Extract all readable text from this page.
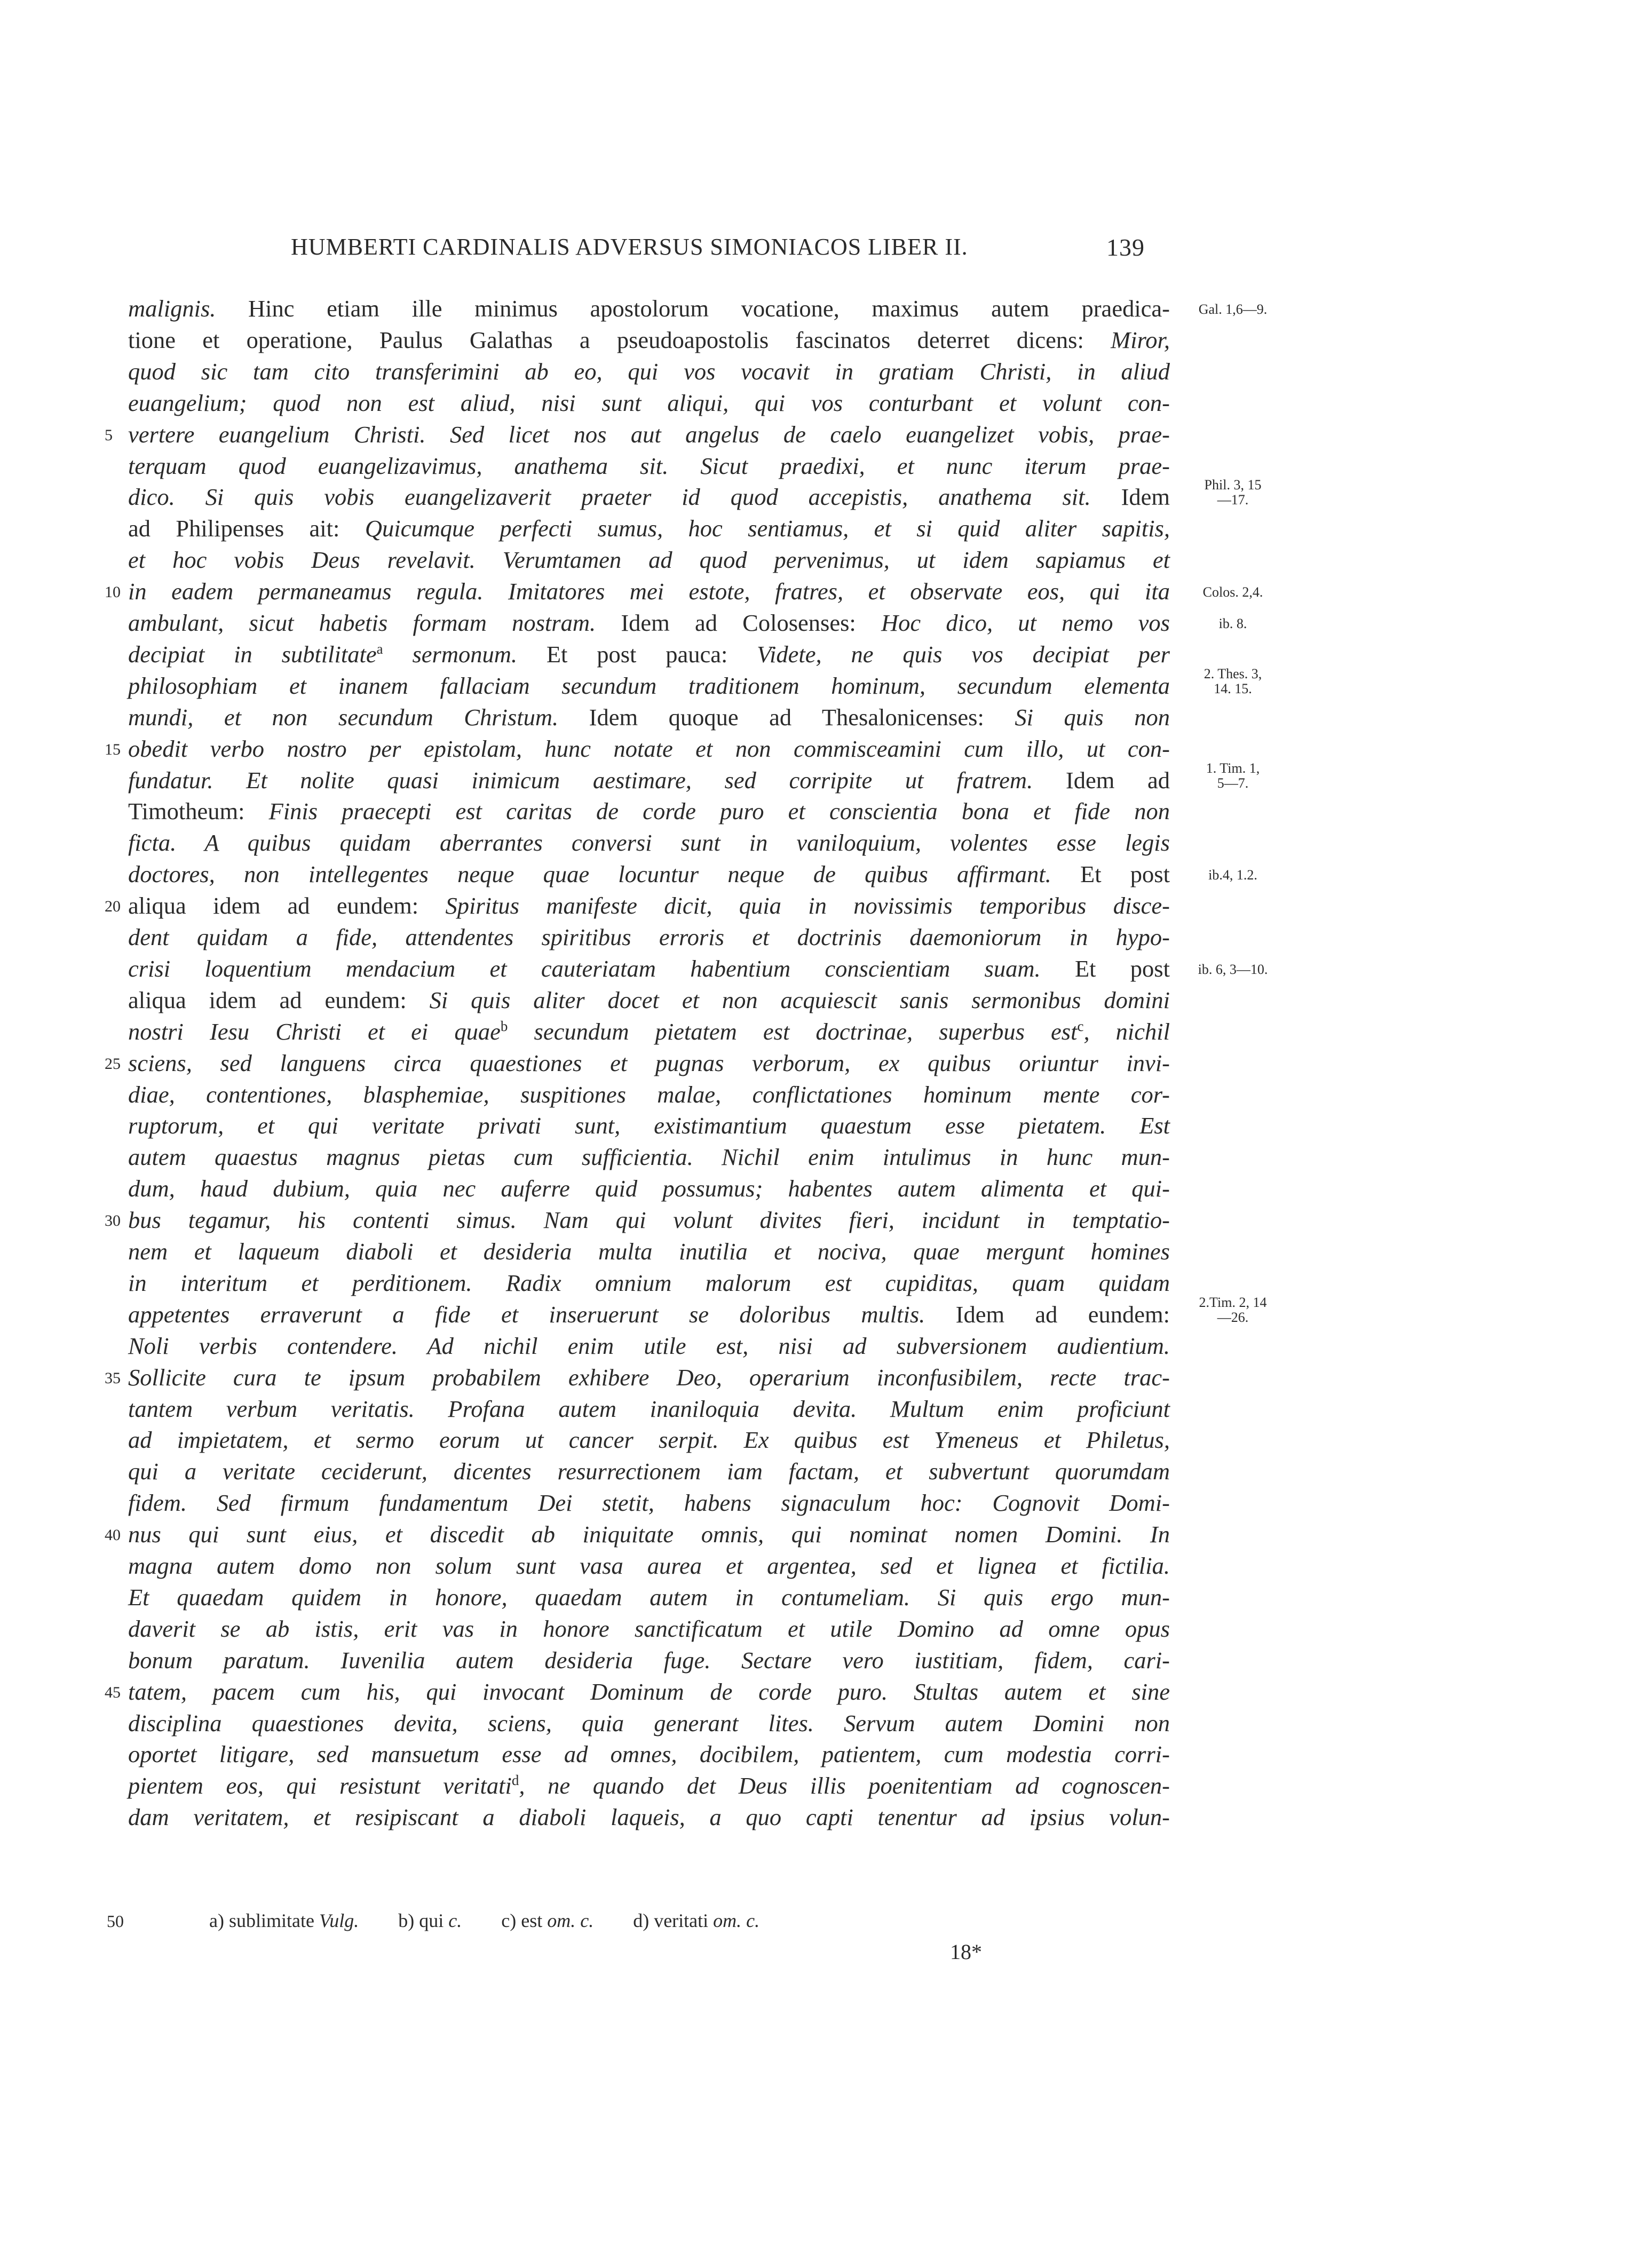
HUMBERTI CARDINALIS ADVERSUS SIMONIACOS LIBER II.	139
malignis. Hinc etiam ille minimus apostolorum vocatione, maximus autem praedica-
tione et operatione, Paulus Galathas a pseudoapostolis fascinatos deterret dicens: Miror,
quod sic tam cito transferimini ab eo, qui vos vocavit in gratiam Christi, in aliud
euangelium; quod non est aliud, nisi sunt aliqui, qui vos conturbant et volunt con-
vertere euangelium Christi. Sed licet nos aut angelus de caelo euangelizet vobis, prae-
5
terquam quod euangelizavimus, anathema sit. Sicut praedixi, et nunc iterum prae-
dico. Si quis vobis euangelizaverit praeter id quod accepistis, anathema sit. Idem
ad Philipenses ait: Quicumque perfecti sumus, hoc sentiamus, et si quid aliter sapitis,
et hoc vobis Deus revelavit. Verumtamen ad quod pervenimus, ut idem sapiamus et
in eadem permaneamus regula. Imitatores mei estote, fratres, et observate eos, qui ita
10
ambulant, sicut habetis formam nostram. Idem ad Colosenses: Hoc dico, ut nemo vos
decipiat in subtilitate$^a$ sermonum. Et post pauca: Videte, ne quis vos decipiat per
philosophiam et inanem fallaciam secundum traditionem hominum, secundum elementa
mundi, et non secundum Christum. Idem quoque ad Thesalonicenses: Si quis non
obedit verbo nostro per epistolam, hunc notate et non commisceamini cum illo, ut con-
15
fundatur. Et nolite quasi inimicum aestimare, sed corripite ut fratrem. Idem ad
Timotheum: Finis praecepti est caritas de corde puro et conscientia bona et fide non
ficta. A quibus quidam aberrantes conversi sunt in vaniloquium, volentes esse legis
doctores, non intellegentes neque quae locuntur neque de quibus affirmant. Et post
aliqua idem ad eundem: Spiritus manifeste dicit, quia in novissimis temporibus disce-
20
dent quidam a fide, attendentes spiritibus erroris et doctrinis daemoniorum in hypo-
crisi loquentium mendacium et cauteriatam habentium conscientiam suam. Et post
aliqua idem ad eundem: Si quis aliter docet et non acquiescit sanis sermonibus domini
nostri Iesu Christi et ei quae$^b$ secundum pietatem est doctrinae, superbus est$^c$, nichil
sciens, sed languens circa quaestiones et pugnas verborum, ex quibus oriuntur invi-
25
diae, contentiones, blasphemiae, suspitiones malae, conflictationes hominum mente cor-
ruptorum, et qui veritate privati sunt, existimantium quaestum esse pietatem. Est
autem quaestus magnus pietas cum sufficientia. Nichil enim intulimus in hunc mun-
dum, haud dubium, quia nec auferre quid possumus; habentes autem alimenta et qui-
bus tegamur, his contenti simus. Nam qui volunt divites fieri, incidunt in temptatio-
30
nem et laqueum diaboli et desideria multa inutilia et nociva, quae mergunt homines
in interitum et perditionem. Radix omnium malorum est cupiditas, quam quidam
appetentes erraverunt a fide et inseruerunt se doloribus multis. Idem ad eundem:
Noli verbis contendere. Ad nichil enim utile est, nisi ad subversionem audientium.
Sollicite cura te ipsum probabilem exhibere Deo, operarium inconfusibilem, recte trac-
35
tantem verbum veritatis. Profana autem inaniloquia devita. Multum enim proficiunt
ad impietatem, et sermo eorum ut cancer serpit. Ex quibus est Ymeneus et Philetus,
qui a veritate ceciderunt, dicentes resurrectionem iam factam, et subvertunt quorumdam
fidem. Sed firmum fundamentum Dei stetit, habens signaculum hoc: Cognovit Domi-
nus qui sunt eius, et discedit ab iniquitate omnis, qui nominat nomen Domini. In
40
magna autem domo non solum sunt vasa aurea et argentea, sed et lignea et fictilia.
Et quaedam quidem in honore, quaedam autem in contumeliam. Si quis ergo mun-
daverit se ab istis, erit vas in honore sanctificatum et utile Domino ad omne opus
bonum paratum. Iuvenilia autem desideria fuge. Sectare vero iustitiam, fidem, cari-
tatem, pacem cum his, qui invocant Dominum de corde puro. Stultas autem et sine
45
disciplina quaestiones devita, sciens, quia generant lites. Servum autem Domini non
oportet litigare, sed mansuetum esse ad omnes, docibilem, patientem, cum modestia corri-
pientem eos, qui resistunt veritati$^d$, ne quando det Deus illis poenitentiam ad cognoscen-
dam veritatem, et resipiscant a diaboli laqueis, a quo capti tenentur ad ipsius volun-
Gal. 1,6—9.
Phil. 3, 15
—17.
Colos. 2,4.
ib. 8.
2. Thes. 3,
14. 15.
1. Tim. 1,
5—7.
ib.4, 1.2.
ib. 6, 3—10.
2.Tim. 2, 14
—26.
50	a) sublimitate Vulg. b) qui c. c) est om. c. d) veritati om. c.
18*
